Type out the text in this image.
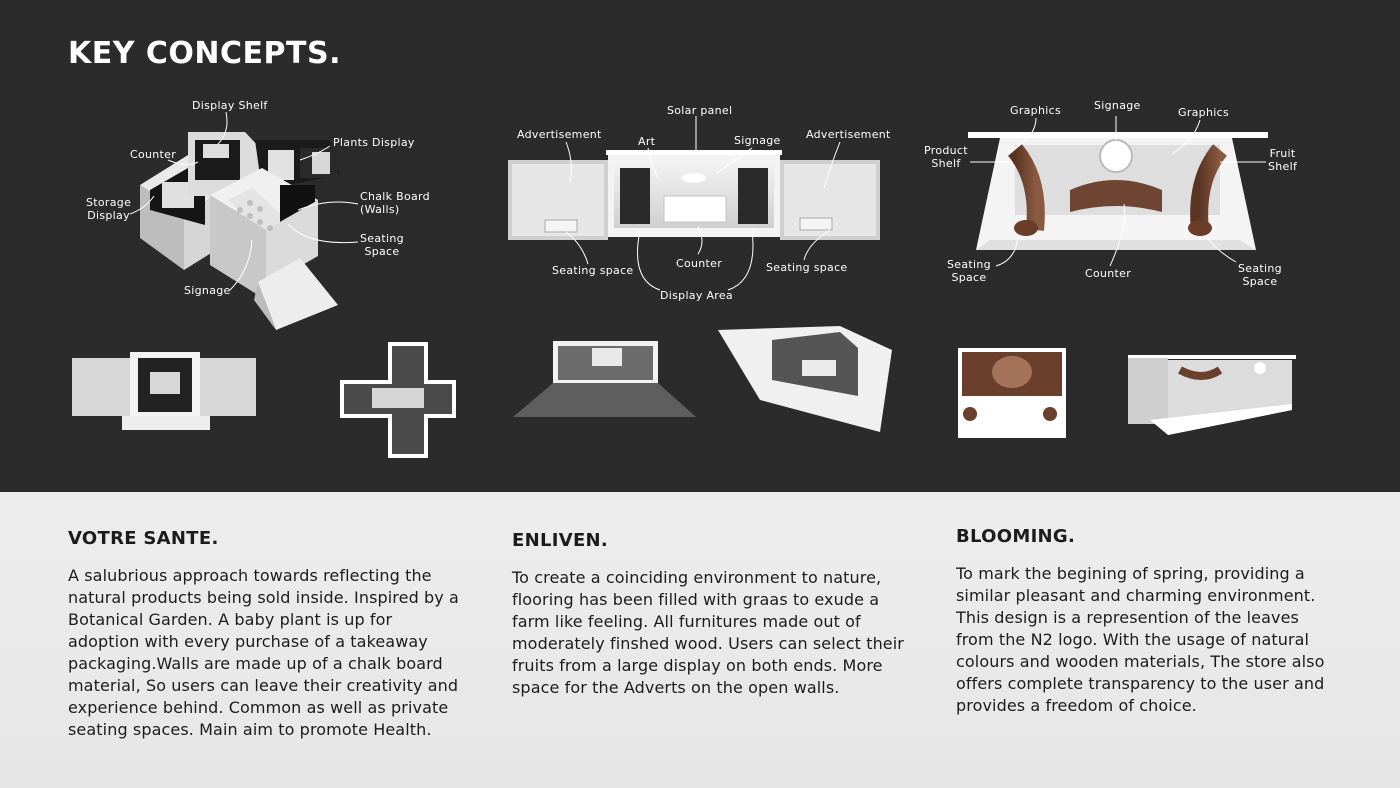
KEY CONCEPTS.
Display Shelf
Counter
Plants Display
Storage
Display
Chalk Board
(Walls)
Seating
Space
Signage
Solar panel
Advertisement
Art	Signage Advertisement
Seating space
Counter	Seating space
Display Area
Graphics	Signage
Graphics
Product
Shelf
Fruit
Shelf
Seating
Space	Counter	Seating
Space
VOTRE SANTE.

A salubrious approach towards reflecting the natural products being sold inside. Inspired by a Botanical Garden. A baby plant is up for adoption with every purchase of a takeaway packaging.Walls are made up of a chalk board material, So users can leave their creativity and experience behind. Common as well as private seating spaces. Main aim to promote Health.

ENLIVEN.

To create a coinciding environment to nature, flooring has been filled with graas to exude a farm like feeling. All furnitures made out of moderately finshed wood. Users can select their fruits from a large display on both ends. More space for the Adverts on the open walls.

BLOOMING.

To mark the begining of spring, providing a similar pleasant and charming environment. This design is a represention of the leaves from the N2 logo. With the usage of natural colours and wooden materials, The store also offers complete transparency to the user and provides a freedom of choice.
